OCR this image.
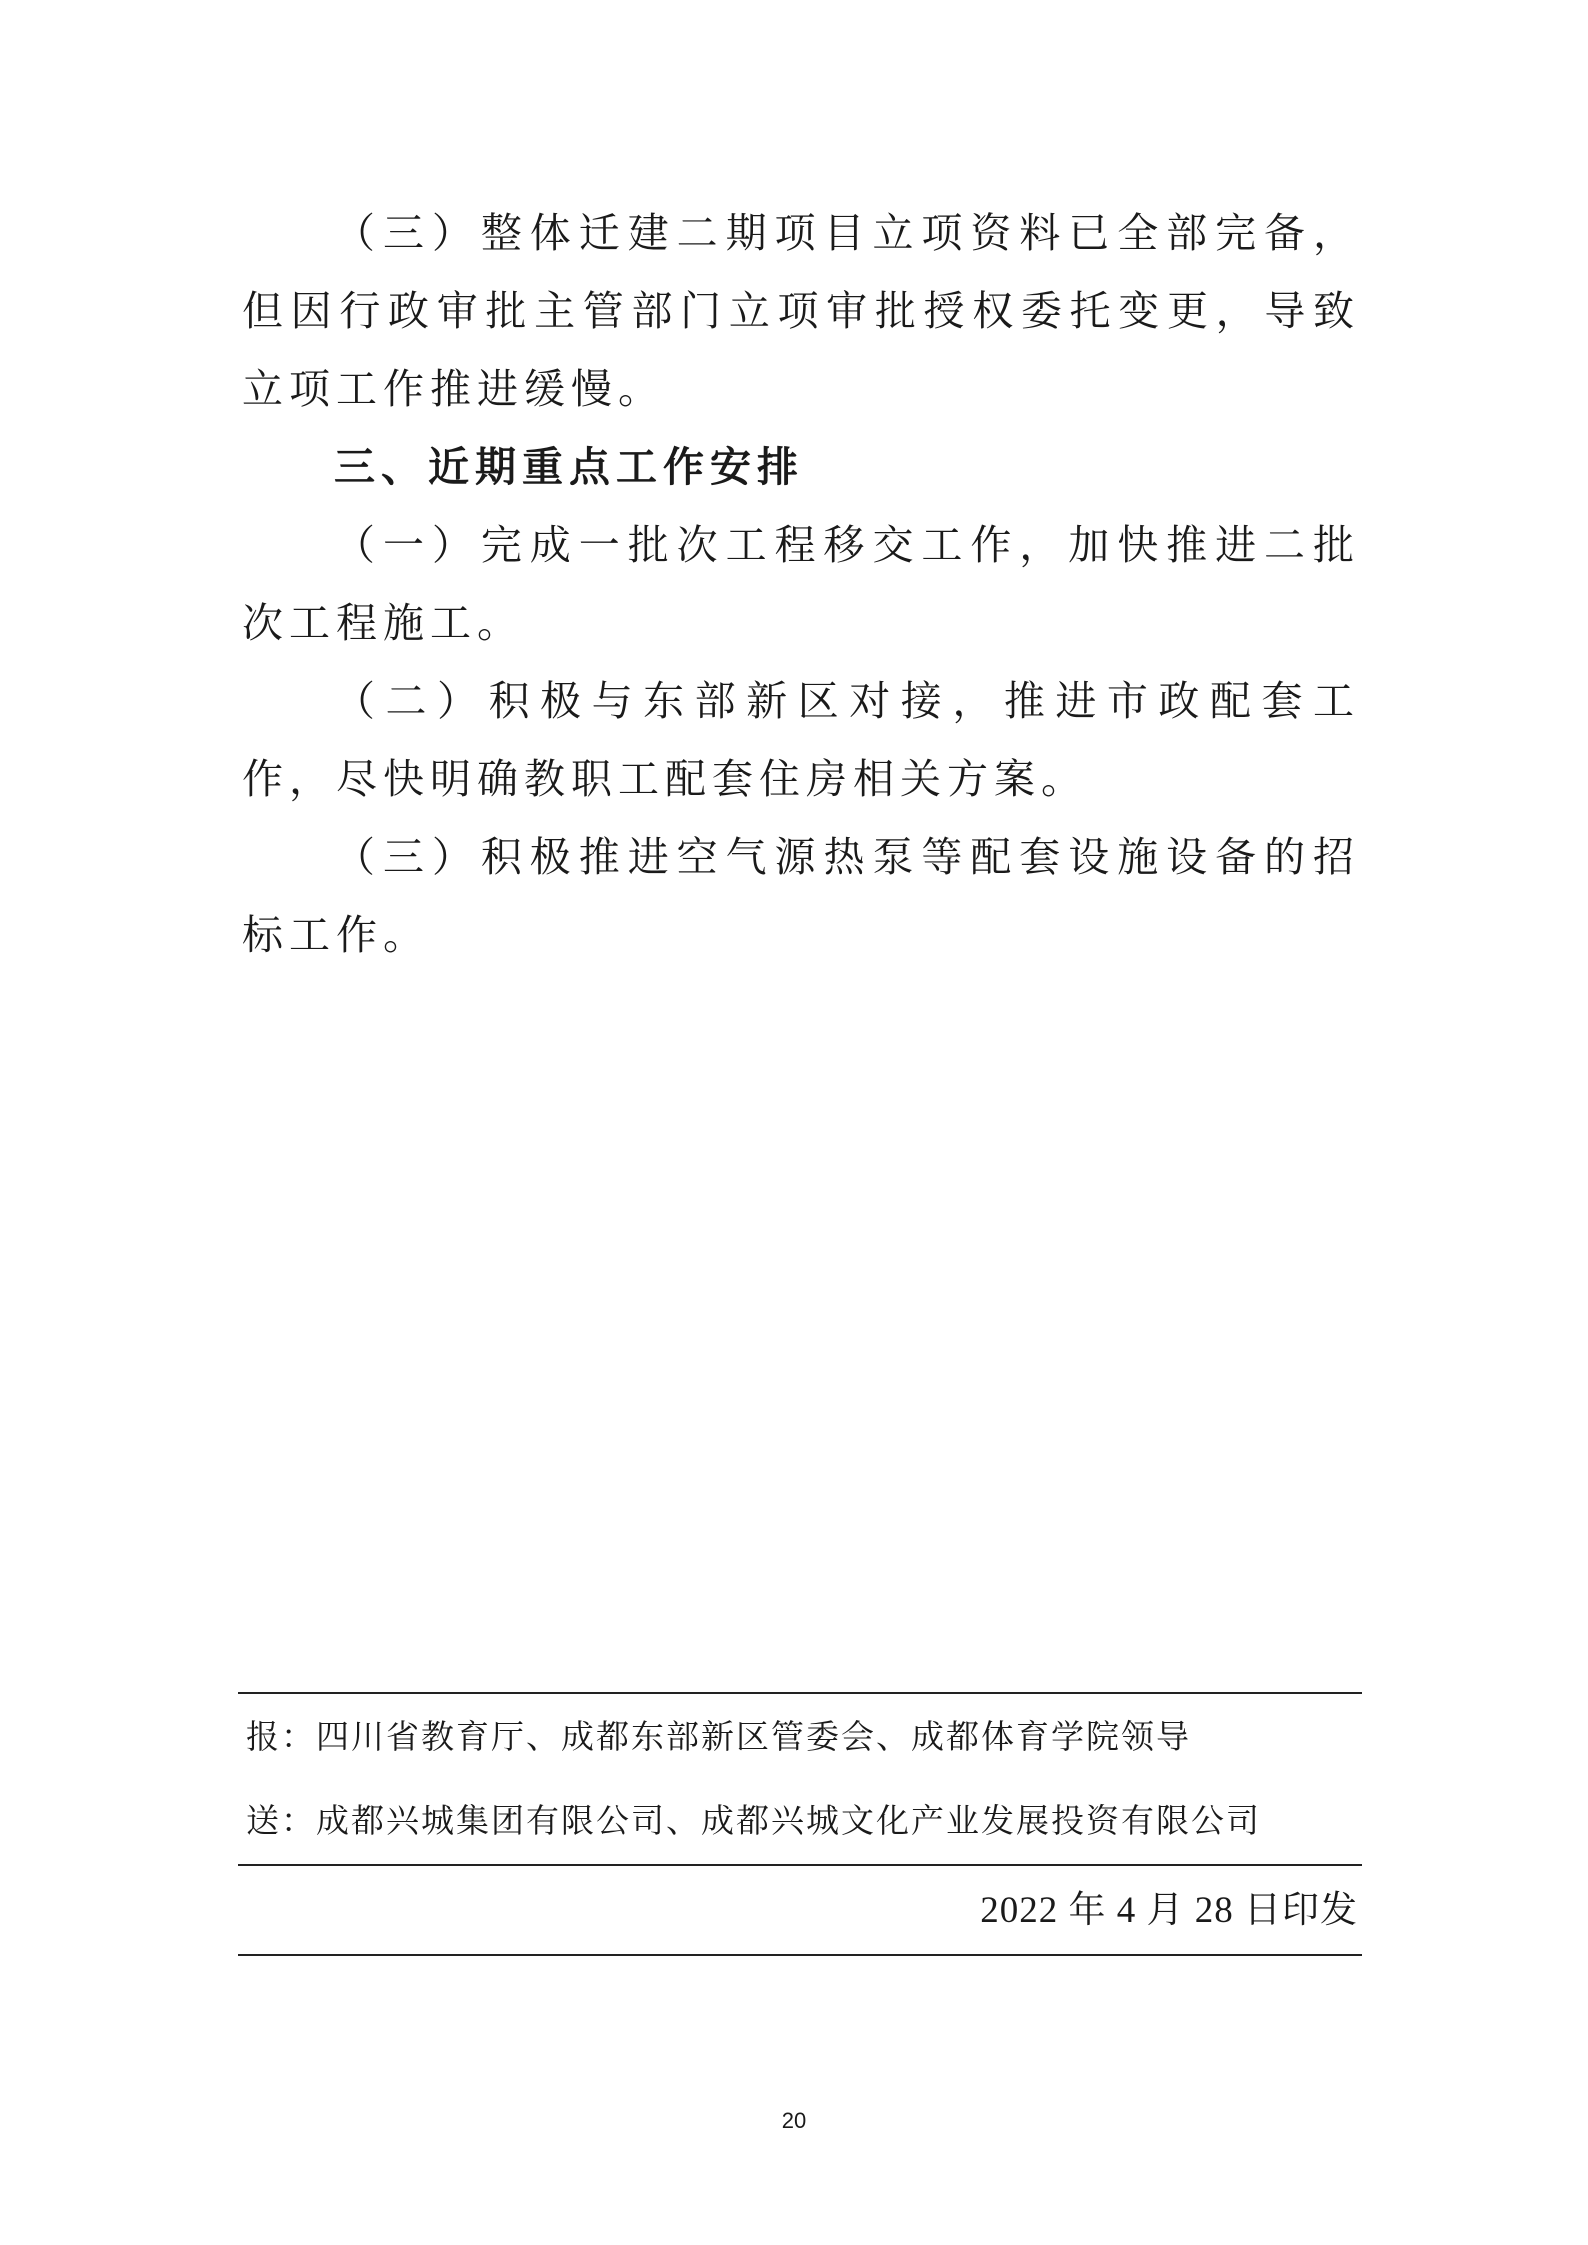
（三）整体迁建二期项目立项资料已全部完备，但因行政审批主管部门立项审批授权委托变更，导致立项工作推进缓慢。

三、近期重点工作安排

（一）完成一批次工程移交工作，加快推进二批次工程施工。

（二）积极与东部新区对接，推进市政配套工作，尽快明确教职工配套住房相关方案。

（三）积极推进空气源热泵等配套设施设备的招标工作。

报：四川省教育厅、成都东部新区管委会、成都体育学院领导
送：成都兴城集团有限公司、成都兴城文化产业发展投资有限公司
2022 年 4 月 28 日印发
20
